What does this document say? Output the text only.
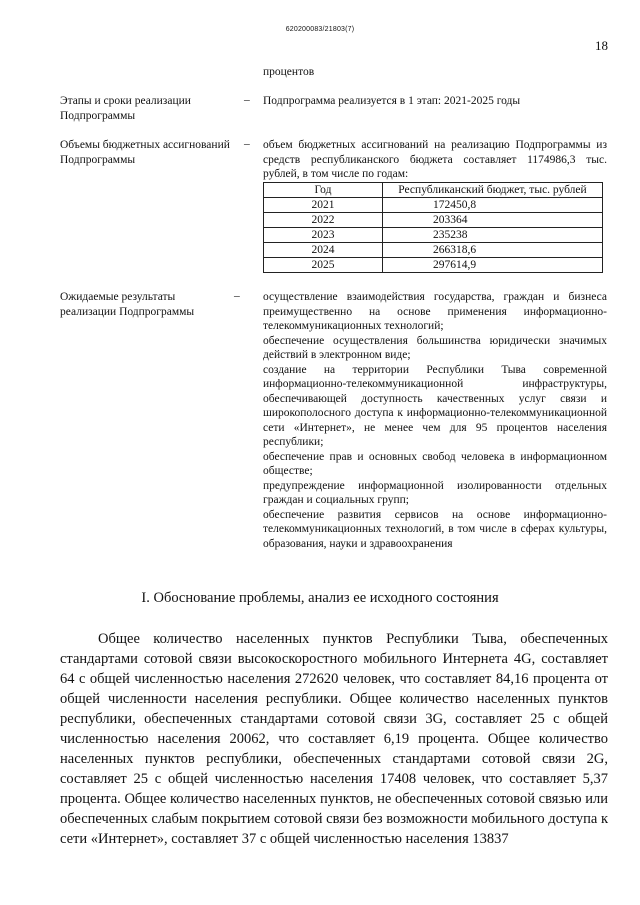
620200083/21803(7)
18
процентов
Этапы и сроки реализации Подпрограммы
– Подпрограмма реализуется в 1 этап: 2021-2025 годы
Объемы бюджетных ассигнований Подпрограммы
– объем бюджетных ассигнований на реализацию Подпрограммы из средств республиканского бюджета составляет 1174986,3 тыс. рублей, в том числе по годам:
Год	Республиканский бюджет, тыс. рублей
2021	172450,8
2022	203364
2023	235238
2024	266318,6
2025	297614,9
Ожидаемые результаты реализации Подпрограммы
– осуществление взаимодействия государства, граждан и бизнеса преимущественно на основе применения информационно-телекоммуникационных технологий;

обеспечение осуществления большинства юридически значимых действий в электронном виде;

создание на территории Республики Тыва современной информационно-телекоммуникационной инфраструктуры, обеспечивающей доступность качественных услуг связи и широкополосного доступа к информационно-телекоммуникационной сети «Интернет», не менее чем для 95 процентов населения республики;

обеспечение прав и основных свобод человека в информационном обществе;

предупреждение информационной изолированности отдельных граждан и социальных групп;

обеспечение развития сервисов на основе информационно-телекоммуникационных технологий, в том числе в сферах культуры, образования, науки и здравоохранения

I. Обоснование проблемы, анализ ее исходного состояния

Общее количество населенных пунктов Республики Тыва, обеспеченных стандартами сотовой связи высокоскоростного мобильного Интернета 4G, составляет 64 с общей численностью населения 272620 человек, что составляет 84,16 процента от общей численности населения республики. Общее количество населенных пунктов республики, обеспеченных стандартами сотовой связи 3G, составляет 25 с общей численностью населения 20062, что составляет 6,19 процента. Общее количество населенных пунктов республики, обеспеченных стандартами сотовой связи 2G, составляет 25 с общей численностью населения 17408 человек, что составляет 5,37 процента. Общее количество населенных пунктов, не обеспеченных сотовой связью или обеспеченных слабым покрытием сотовой связи без возможности мобильного доступа к сети «Интернет», составляет 37 с общей численностью населения 13837
